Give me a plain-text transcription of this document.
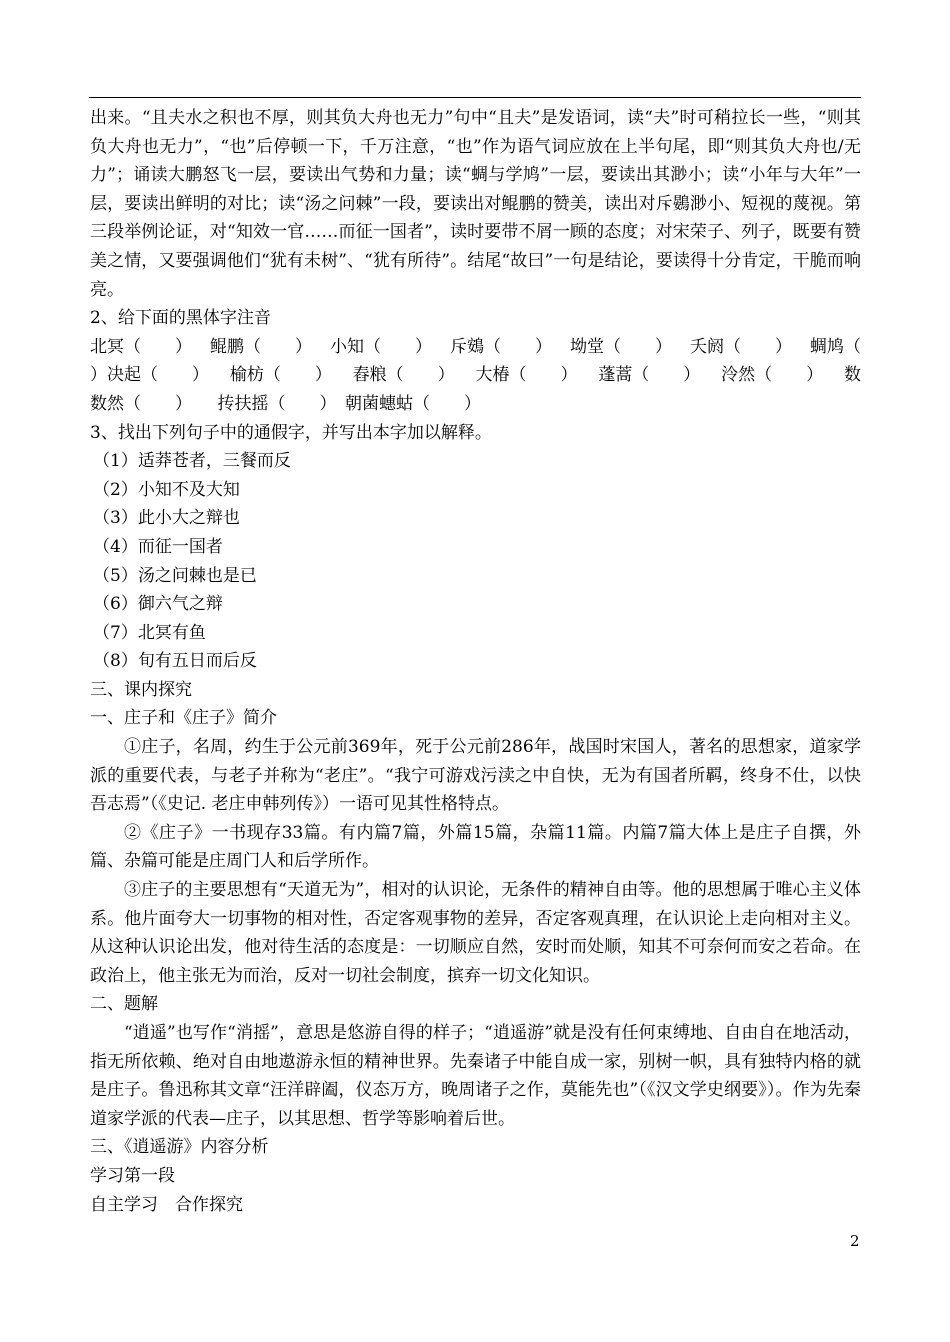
出来。“且夫水之积也不厚，则其负大舟也无力”句中“且夫”是发语词，读“夫”时可稍拉长一些，“则其负大舟也无力”，“也”后停顿一下，千万注意，“也”作为语气词应放在上半句尾，即“则其负大舟也/无力”；诵读大鹏怒飞一层，要读出气势和力量；读“蜩与学鸠”一层，要读出其渺小；读“小年与大年”一层，要读出鲜明的对比；读“汤之问棘”一段，要读出对鲲鹏的赞美，读出对斥鷃渺小、短视的蔑视。第三段举例论证，对“知效一官……而征一国者”，读时要带不屑一顾的态度；对宋荣子、列子，既要有赞美之情，又要强调他们“犹有未树”、“犹有所待”。结尾“故曰”一句是结论，要读得十分肯定，干脆而响亮。

2、给下面的黑体字注音

北冥（　　） 鲲鹏（　　） 小知（　　） 斥鴳（　　） 坳堂（　　） 夭阏（　　） 蜩鸠（
）决起（　　） 榆枋（　　） 舂粮（　　） 大椿（　　） 蓬蒿（　　） 泠然（　　） 数

数然（　　）　　抟扶摇（　　）　朝菌蟪蛄（　　）

3、找出下列句子中的通假字，并写出本字加以解释。

（1）适莽苍者，三餐而反

（2）小知不及大知

（3）此小大之辩也

（4）而征一国者

（5）汤之问棘也是已

（6）御六气之辩

（7）北冥有鱼

（8）旬有五日而后反

三、课内探究

一、庄子和《庄子》简介

①庄子，名周，约生于公元前369年，死于公元前286年，战国时宋国人，著名的思想家，道家学派的重要代表，与老子并称为“老庄”。“我宁可游戏污渎之中自快，无为有国者所羁，终身不仕，以快吾志焉”（《史记. 老庄申韩列传》）一语可见其性格特点。

②《庄子》一书现存33篇。有内篇7篇，外篇15篇，杂篇11篇。内篇7篇大体上是庄子自撰，外篇、杂篇可能是庄周门人和后学所作。

③庄子的主要思想有“天道无为”，相对的认识论，无条件的精神自由等。他的思想属于唯心主义体系。他片面夸大一切事物的相对性，否定客观事物的差异，否定客观真理，在认识论上走向相对主义。从这种认识论出发，他对待生活的态度是：一切顺应自然，安时而处顺，知其不可奈何而安之若命。在政治上，他主张无为而治，反对一切社会制度，摈弃一切文化知识。

二、题解

“逍遥”也写作“消摇”，意思是悠游自得的样子；“逍遥游”就是没有任何束缚地、自由自在地活动，指无所依赖、绝对自由地遨游永恒的精神世界。先秦诸子中能自成一家，别树一帜，具有独特内格的就是庄子。鲁迅称其文章“汪洋辟阖，仪态万方，晚周诸子之作，莫能先也”（《汉文学史纲要》）。作为先秦道家学派的代表—庄子，以其思想、哲学等影响着后世。

三、《逍遥游》内容分析

学习第一段

自主学习　合作探究

2
